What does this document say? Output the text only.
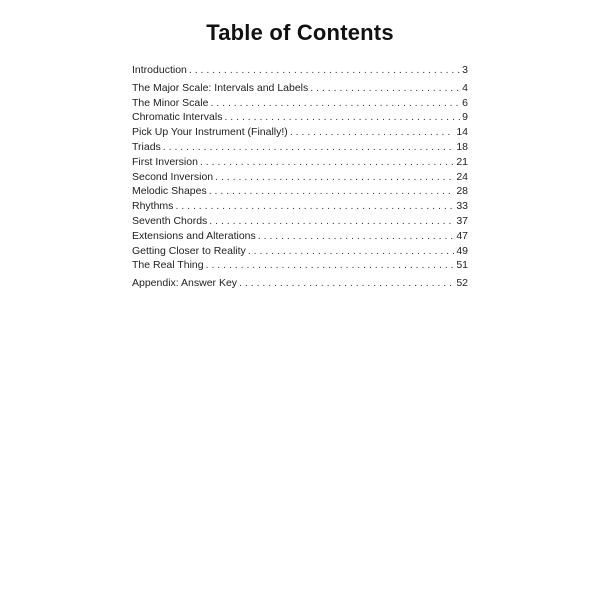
Table of Contents
Introduction . . .	3
The Major Scale: Intervals and Labels . . .	4
The Minor Scale . . .	6
Chromatic Intervals . . .	9
Pick Up Your Instrument (Finally!) . . .	14
Triads . . .	18
First Inversion . . .	21
Second Inversion . . .	24
Melodic Shapes . . .	28
Rhythms . . .	33
Seventh Chords . . .	37
Extensions and Alterations . . .	47
Getting Closer to Reality . . .	49
The Real Thing . . .	51
Appendix: Answer Key . . .	52
